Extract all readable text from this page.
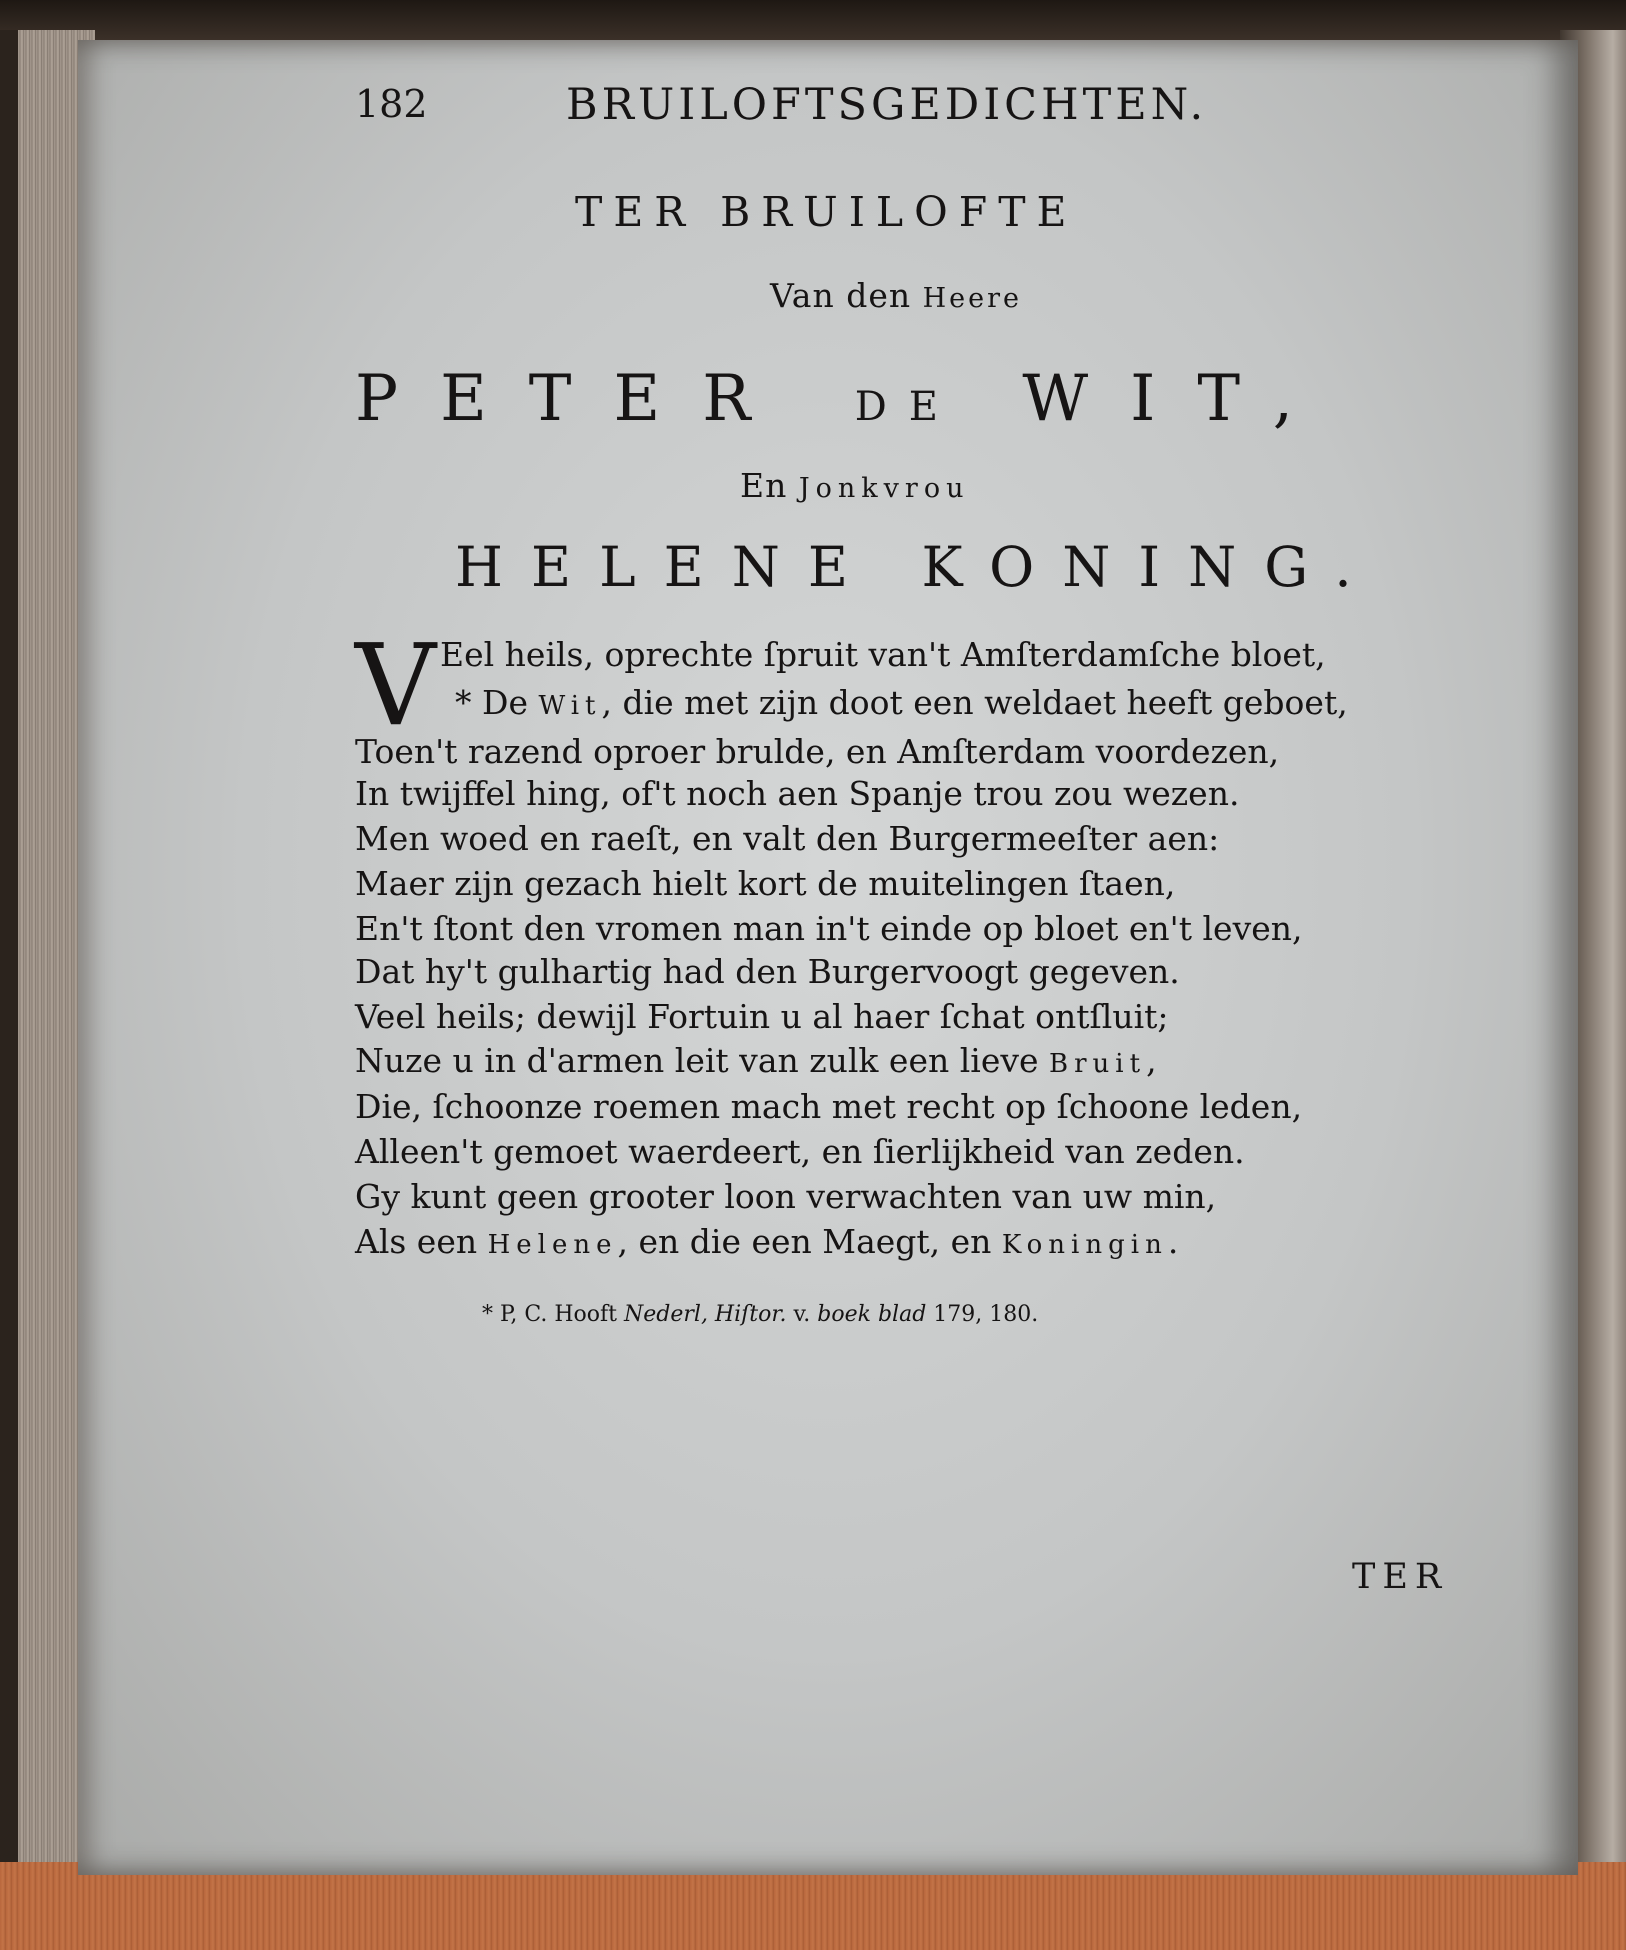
182	BRUILOFTSGEDICHTEN.
TER BRUILOFTE
Van den Heere
PETER DE WIT,
En Jonkvrou
HELENE KONING.
V Eel heils, oprechte ſpruit van't Amſterdamſche bloet,
* De Wit, die met zijn doot een weldaet heeft geboet,
Toen't razend oproer brulde, en Amſterdam voordezen,
In twijffel hing, of't noch aen Spanje trou zou wezen.
Men woed en raeſt, en valt den Burgermeeſter aen:
Maer zijn gezach hielt kort de muitelingen ſtaen,
En't ſtont den vromen man in't einde op bloet en't leven,
Dat hy't gulhartig had den Burgervoogt gegeven.
Veel heils; dewijl Fortuin u al haer ſchat ontſluit;
Nuze u in d'armen leit van zulk een lieve Bruit,
Die, ſchoonze roemen mach met recht op ſchoone leden,
Alleen't gemoet waerdeert, en ſierlijkheid van zeden.
Gy kunt geen grooter loon verwachten van uw min,
Als een Helene, en die een Maegt, en Koningin.
* P, C. Hooft Nederl, Hiſtor. v. boek blad 179, 180.
TER
